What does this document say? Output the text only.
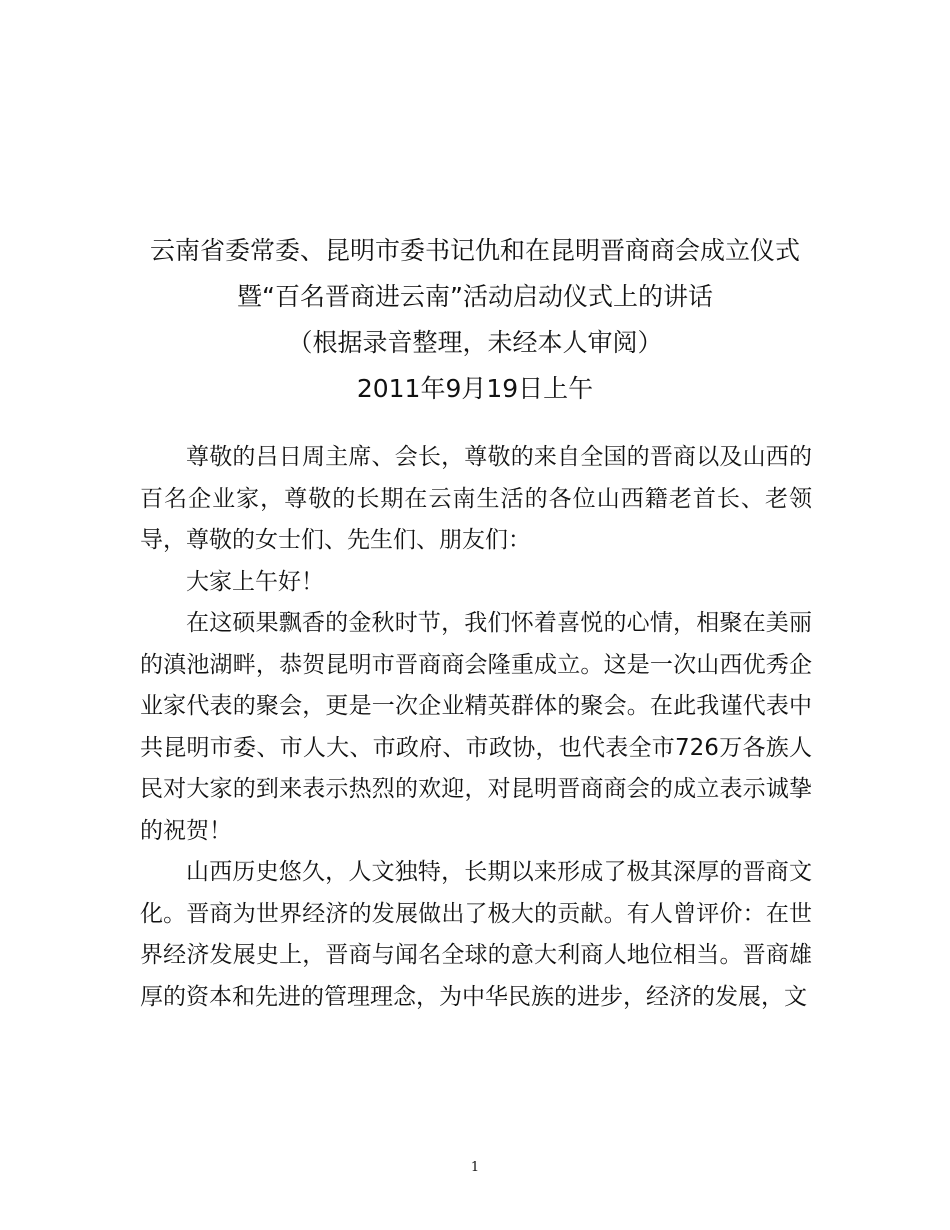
云南省委常委、昆明市委书记仇和在昆明晋商商会成立仪式
暨“百名晋商进云南”活动启动仪式上的讲话
（根据录音整理，未经本人审阅）
2011年9月19日上午

尊敬的吕日周主席、会长，尊敬的来自全国的晋商以及山西的百名企业家，尊敬的长期在云南生活的各位山西籍老首长、老领导，尊敬的女士们、先生们、朋友们：

大家上午好！

在这硕果飘香的金秋时节，我们怀着喜悦的心情，相聚在美丽的滇池湖畔，恭贺昆明市晋商商会隆重成立。这是一次山西优秀企业家代表的聚会，更是一次企业精英群体的聚会。在此我谨代表中共昆明市委、市人大、市政府、市政协，也代表全市726万各族人民对大家的到来表示热烈的欢迎，对昆明晋商商会的成立表示诚挚的祝贺！

山西历史悠久，人文独特，长期以来形成了极其深厚的晋商文化。晋商为世界经济的发展做出了极大的贡献。有人曾评价：在世界经济发展史上，晋商与闻名全球的意大利商人地位相当。晋商雄厚的资本和先进的管理理念，为中华民族的进步，经济的发展，文

1
